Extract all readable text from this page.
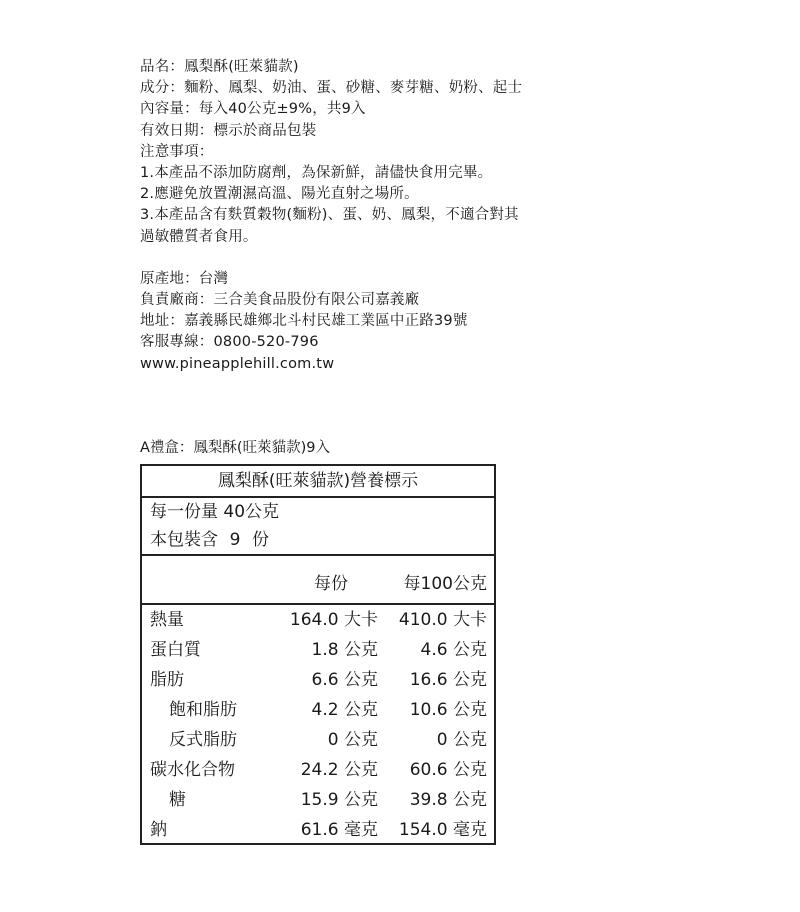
品名：鳳梨酥(旺萊貓款)
成分：麵粉、鳳梨、奶油、蛋、砂糖、麥芽糖、奶粉、起士
內容量：每入40公克±9%，共9入
有效日期：標示於商品包裝
注意事項：
1.本產品不添加防腐劑，為保新鮮，請儘快食用完畢。
2.應避免放置潮濕高溫、陽光直射之場所。
3.本產品含有麩質穀物(麵粉)、蛋、奶、鳳梨，不適合對其
過敏體質者食用。
原產地：台灣
負責廠商：三合美食品股份有限公司嘉義廠
地址：嘉義縣民雄鄉北斗村民雄工業區中正路39號
客服專線：0800-520-796
www.pineapplehill.com.tw
A禮盒：鳳梨酥(旺萊貓款)9入
鳳梨酥(旺萊貓款)營養標示
每一份量 40公克
本包裝含 9 份
每份	每100公克
熱量	164.0 大卡 410.0 大卡
蛋白質	1.8 公克	4.6 公克
脂肪	6.6 公克 16.6 公克
飽和脂肪	4.2 公克 10.6 公克
反式脂肪	0 公克	0 公克
碳水化合物	24.2 公克 60.6 公克
糖	15.9 公克 39.8 公克
鈉	61.6 毫克 154.0 毫克
